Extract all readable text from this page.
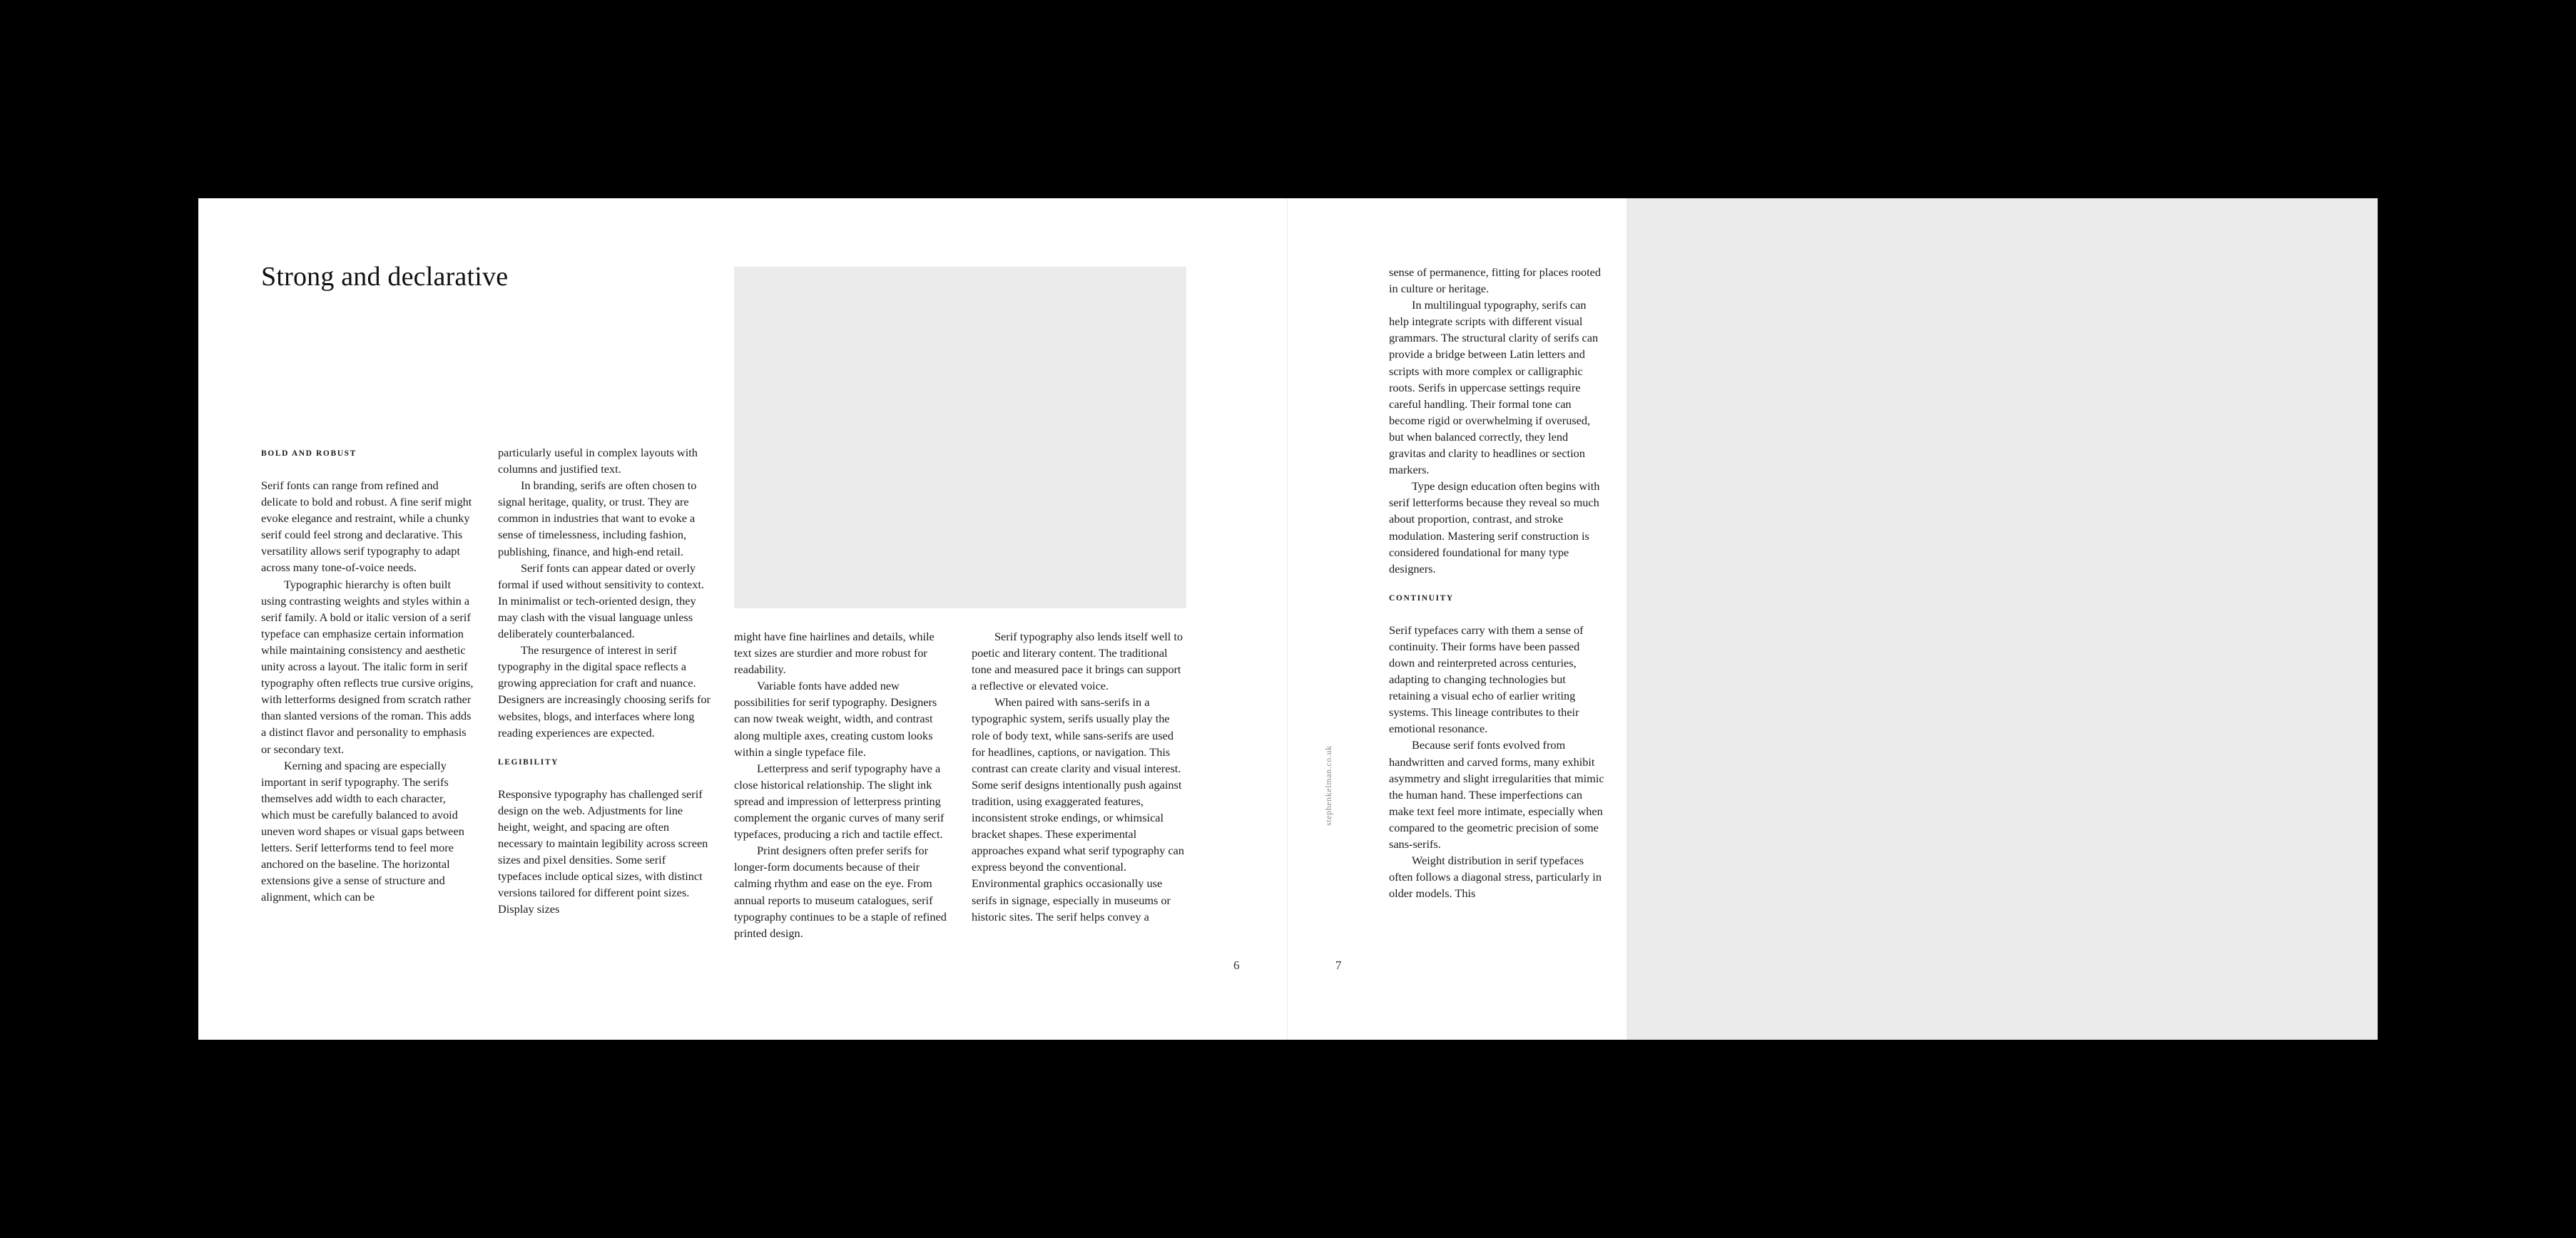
Strong and declarative
BOLD AND ROBUST

Serif fonts can range from refined and delicate to bold and robust. A fine serif might evoke elegance and restraint, while a chunky serif could feel strong and declarative. This versatility allows serif typography to adapt across many tone-of-voice needs.

Typographic hierarchy is often built using contrasting weights and styles within a serif family. A bold or italic version of a serif typeface can emphasize certain information while maintaining consistency and aesthetic unity across a layout. The italic form in serif typography often reflects true cursive origins, with letterforms designed from scratch rather than slanted versions of the roman. This adds a distinct flavor and personality to emphasis or secondary text.

Kerning and spacing are especially important in serif typography. The serifs themselves add width to each character, which must be carefully balanced to avoid uneven word shapes or visual gaps between letters. Serif letterforms tend to feel more anchored on the baseline. The horizontal extensions give a sense of structure and alignment, which can be

particularly useful in complex layouts with columns and justified text.

In branding, serifs are often chosen to signal heritage, quality, or trust. They are common in industries that want to evoke a sense of timelessness, including fashion, publishing, finance, and high-end retail.

Serif fonts can appear dated or overly formal if used without sensitivity to context. In minimalist or tech-oriented design, they may clash with the visual language unless deliberately counterbalanced.

The resurgence of interest in serif typography in the digital space reflects a growing appreciation for craft and nuance. Designers are increasingly choosing serifs for websites, blogs, and interfaces where long reading experiences are expected.

LEGIBILITY

Responsive typography has challenged serif design on the web. Adjustments for line height, weight, and spacing are often necessary to maintain legibility across screen sizes and pixel densities. Some serif typefaces include optical sizes, with distinct versions tailored for different point sizes. Display sizes

might have fine hairlines and details, while text sizes are sturdier and more robust for readability.

Variable fonts have added new possibilities for serif typography. Designers can now tweak weight, width, and contrast along multiple axes, creating custom looks within a single typeface file.

Letterpress and serif typography have a close historical relationship. The slight ink spread and impression of letterpress printing complement the organic curves of many serif typefaces, producing a rich and tactile effect.

Print designers often prefer serifs for longer-form documents because of their calming rhythm and ease on the eye. From annual reports to museum catalogues, serif typography continues to be a staple of refined printed design.

Serif typography also lends itself well to poetic and literary content. The traditional tone and measured pace it brings can support a reflective or elevated voice.

When paired with sans-serifs in a typographic system, serifs usually play the role of body text, while sans-serifs are used for headlines, captions, or navigation. This contrast can create clarity and visual interest. Some serif designs intentionally push against tradition, using exaggerated features, inconsistent stroke endings, or whimsical bracket shapes. These experimental approaches expand what serif typography can express beyond the conventional. Environmental graphics occasionally use serifs in signage, especially in museums or historic sites. The serif helps convey a

6
stephenkelman.co.uk

sense of permanence, fitting for places rooted in culture or heritage.

In multilingual typography, serifs can help integrate scripts with different visual grammars. The structural clarity of serifs can provide a bridge between Latin letters and scripts with more complex or calligraphic roots. Serifs in uppercase settings require careful handling. Their formal tone can become rigid or overwhelming if overused, but when balanced correctly, they lend gravitas and clarity to headlines or section markers.

Type design education often begins with serif letterforms because they reveal so much about proportion, contrast, and stroke modulation. Mastering serif construction is considered foundational for many type designers.

CONTINUITY

Serif typefaces carry with them a sense of continuity. Their forms have been passed down and reinterpreted across centuries, adapting to changing technologies but retaining a visual echo of earlier writing systems. This lineage contributes to their emotional resonance.

Because serif fonts evolved from handwritten and carved forms, many exhibit asymmetry and slight irregularities that mimic the human hand. These imperfections can make text feel more intimate, especially when compared to the geometric precision of some sans-serifs.

Weight distribution in serif typefaces often follows a diagonal stress, particularly in older models. This

7
